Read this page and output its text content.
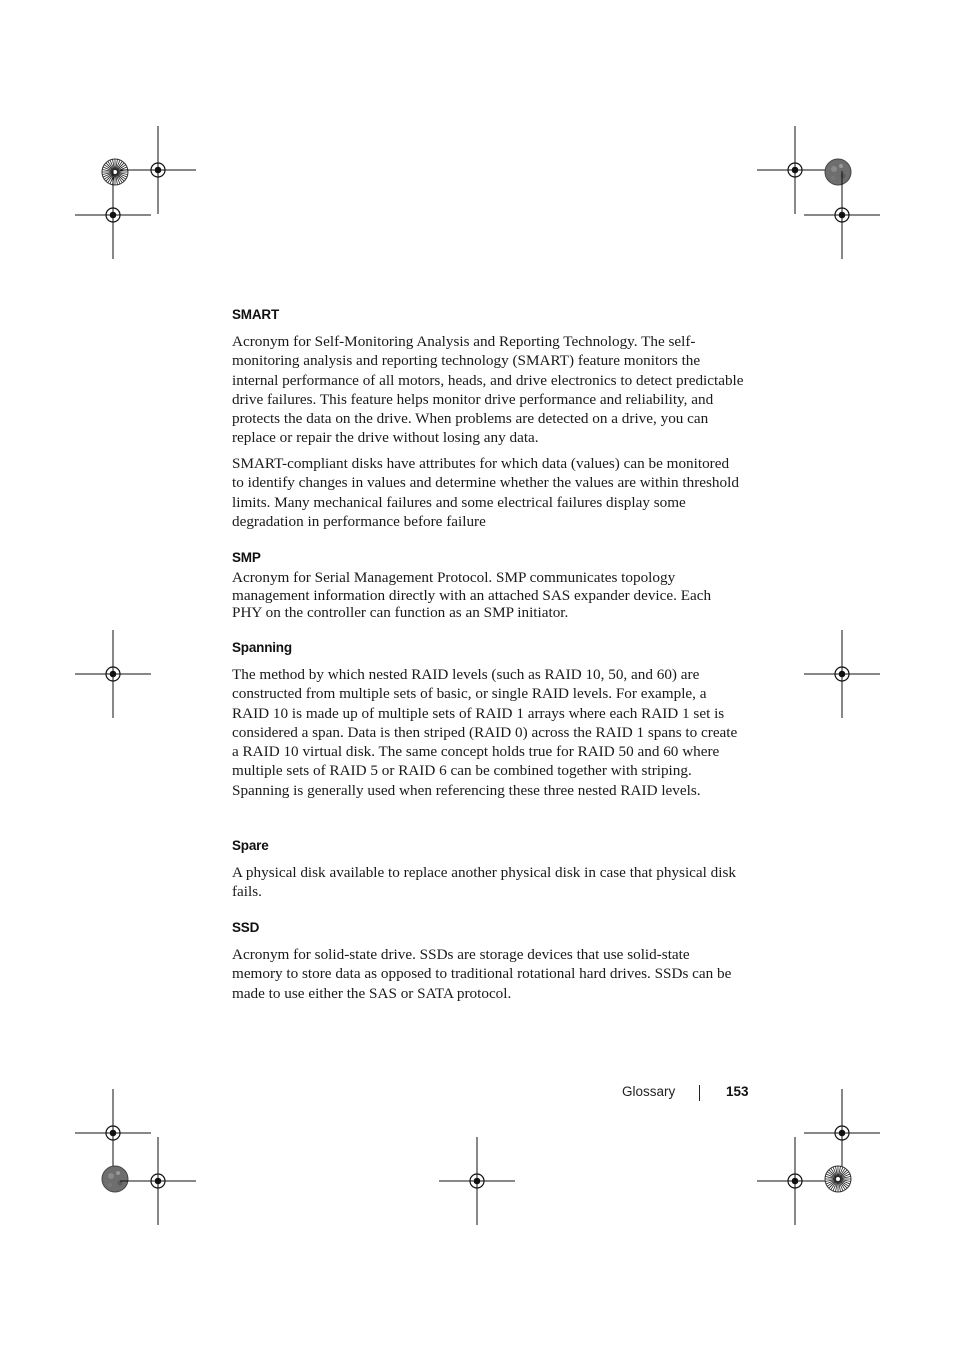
SMART

Acronym for Self-Monitoring Analysis and Reporting Technology. The self-monitoring analysis and reporting technology (SMART) feature monitors the internal performance of all motors, heads, and drive electronics to detect predictable drive failures. This feature helps monitor drive performance and reliability, and protects the data on the drive. When problems are detected on a drive, you can replace or repair the drive without losing any data.

SMART-compliant disks have attributes for which data (values) can be monitored to identify changes in values and determine whether the values are within threshold limits. Many mechanical failures and some electrical failures display some degradation in performance before failure

SMP

Acronym for Serial Management Protocol. SMP communicates topology management information directly with an attached SAS expander device. Each PHY on the controller can function as an SMP initiator.

Spanning

The method by which nested RAID levels (such as RAID 10, 50, and 60) are constructed from multiple sets of basic, or single RAID levels. For example, a RAID 10 is made up of multiple sets of RAID 1 arrays where each RAID 1 set is considered a span. Data is then striped (RAID 0) across the RAID 1 spans to create a RAID 10 virtual disk. The same concept holds true for RAID 50 and 60 where multiple sets of RAID 5 or RAID 6 can be combined together with striping. Spanning is generally used when referencing these three nested RAID levels.

Spare

A physical disk available to replace another physical disk in case that physical disk fails.

SSD

Acronym for solid-state drive. SSDs are storage devices that use solid-state memory to store data as opposed to traditional rotational hard drives. SSDs can be made to use either the SAS or SATA protocol.

Glossary	153
